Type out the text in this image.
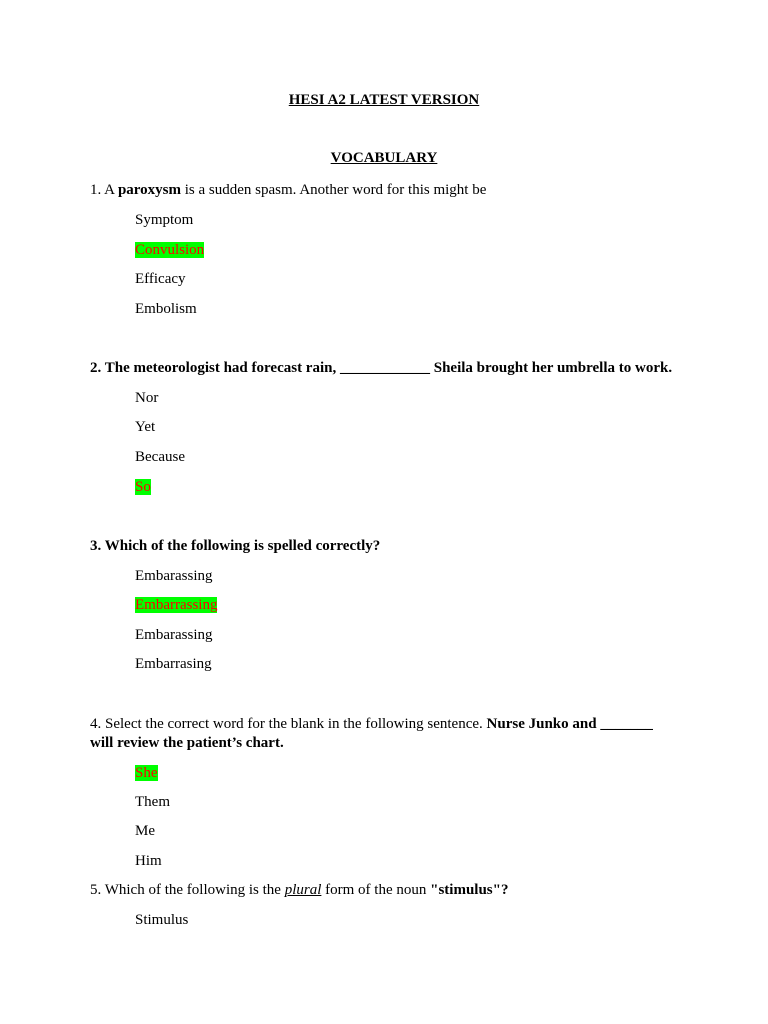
HESI A2 LATEST VERSION
VOCABULARY

1. A paroxysm is a sudden spasm. Another word for this might be

Symptom

Convulsion

Efficacy

Embolism

2. The meteorologist had forecast rain, ____________ Sheila brought her umbrella to work.

Nor

Yet

Because

So

3. Which of the following is spelled correctly?

Embarassing

Embarrassing

Embarassing

Embarrasing

4. Select the correct word for the blank in the following sentence. Nurse Junko and _______ will review the patient’s chart.

She

Them

Me

Him

5. Which of the following is the plural form of the noun "stimulus"?

Stimulus
